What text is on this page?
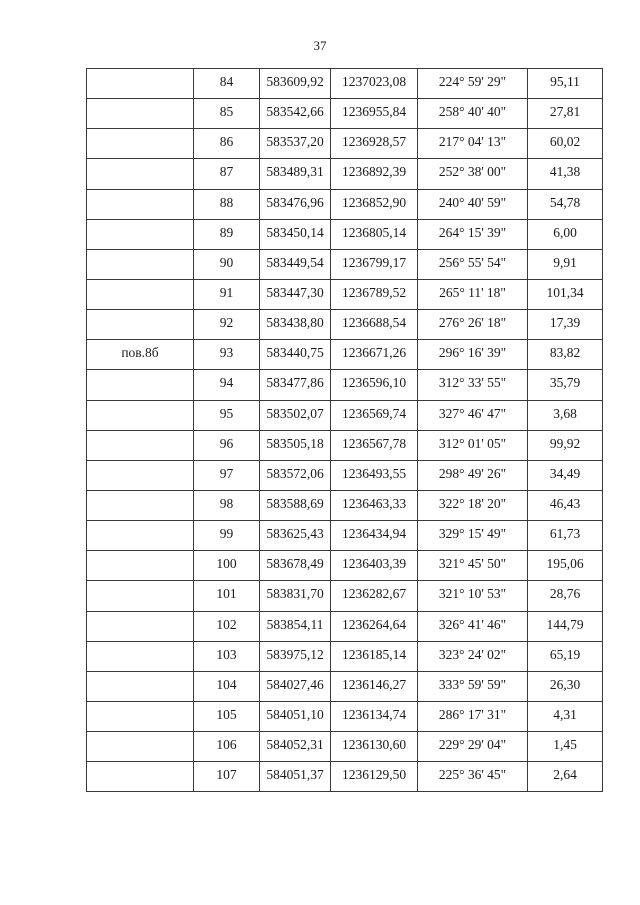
37
	84	583609,92	1237023,08	224° 59' 29"	95,11
	85	583542,66	1236955,84	258° 40' 40"	27,81
	86	583537,20	1236928,57	217° 04' 13"	60,02
	87	583489,31	1236892,39	252° 38' 00"	41,38
	88	583476,96	1236852,90	240° 40' 59"	54,78
	89	583450,14	1236805,14	264° 15' 39"	6,00
	90	583449,54	1236799,17	256° 55' 54"	9,91
	91	583447,30	1236789,52	265° 11' 18"	101,34
	92	583438,80	1236688,54	276° 26' 18"	17,39
пов.8б	93	583440,75	1236671,26	296° 16' 39"	83,82
	94	583477,86	1236596,10	312° 33' 55"	35,79
	95	583502,07	1236569,74	327° 46' 47"	3,68
	96	583505,18	1236567,78	312° 01' 05"	99,92
	97	583572,06	1236493,55	298° 49' 26"	34,49
	98	583588,69	1236463,33	322° 18' 20"	46,43
	99	583625,43	1236434,94	329° 15' 49"	61,73
	100	583678,49	1236403,39	321° 45' 50"	195,06
	101	583831,70	1236282,67	321° 10' 53"	28,76
	102	583854,11	1236264,64	326° 41' 46"	144,79
	103	583975,12	1236185,14	323° 24' 02"	65,19
	104	584027,46	1236146,27	333° 59' 59"	26,30
	105	584051,10	1236134,74	286° 17' 31"	4,31
	106	584052,31	1236130,60	229° 29' 04"	1,45
	107	584051,37	1236129,50	225° 36' 45"	2,64
